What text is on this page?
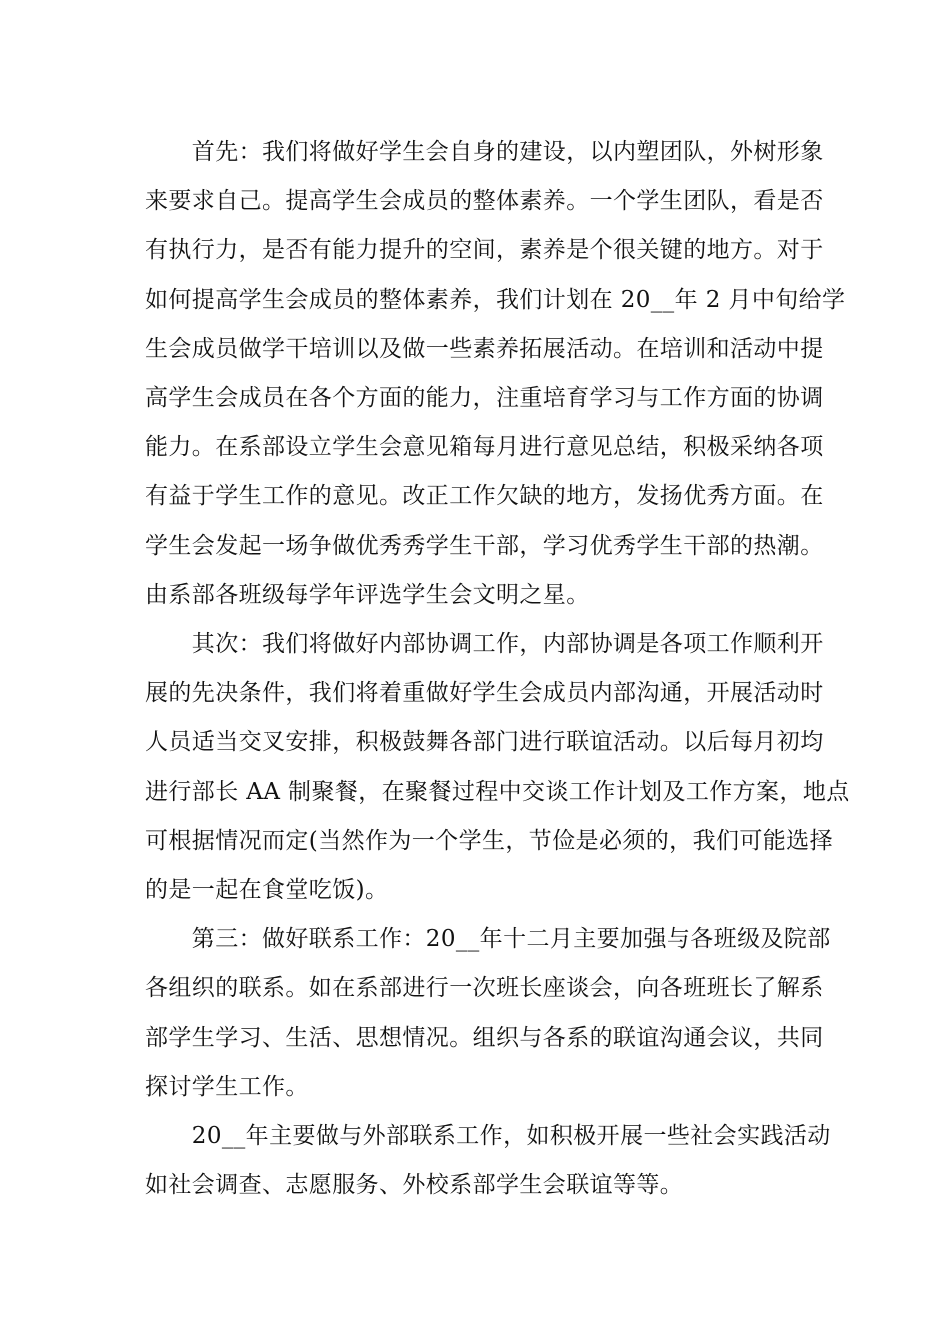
　　首先：我们将做好学生会自身的建设，以内塑团队，外树形象
来要求自己。提高学生会成员的整体素养。一个学生团队，看是否
有执行力，是否有能力提升的空间，素养是个很关键的地方。对于
如何提高学生会成员的整体素养，我们计划在 20__年 2 月中旬给学
生会成员做学干培训以及做一些素养拓展活动。在培训和活动中提
高学生会成员在各个方面的能力，注重培育学习与工作方面的协调
能力。在系部设立学生会意见箱每月进行意见总结，积极采纳各项
有益于学生工作的意见。改正工作欠缺的地方，发扬优秀方面。在
学生会发起一场争做优秀秀学生干部，学习优秀学生干部的热潮。
由系部各班级每学年评选学生会文明之星。

　　其次：我们将做好内部协调工作，内部协调是各项工作顺利开
展的先决条件，我们将着重做好学生会成员内部沟通，开展活动时
人员适当交叉安排，积极鼓舞各部门进行联谊活动。以后每月初均
进行部长 AA 制聚餐，在聚餐过程中交谈工作计划及工作方案，地点
可根据情况而定(当然作为一个学生，节俭是必须的，我们可能选择
的是一起在食堂吃饭)。

　　第三：做好联系工作：20__年十二月主要加强与各班级及院部
各组织的联系。如在系部进行一次班长座谈会，向各班班长了解系
部学生学习、生活、思想情况。组织与各系的联谊沟通会议，共同
探讨学生工作。

　　20__年主要做与外部联系工作，如积极开展一些社会实践活动
如社会调查、志愿服务、外校系部学生会联谊等等。
